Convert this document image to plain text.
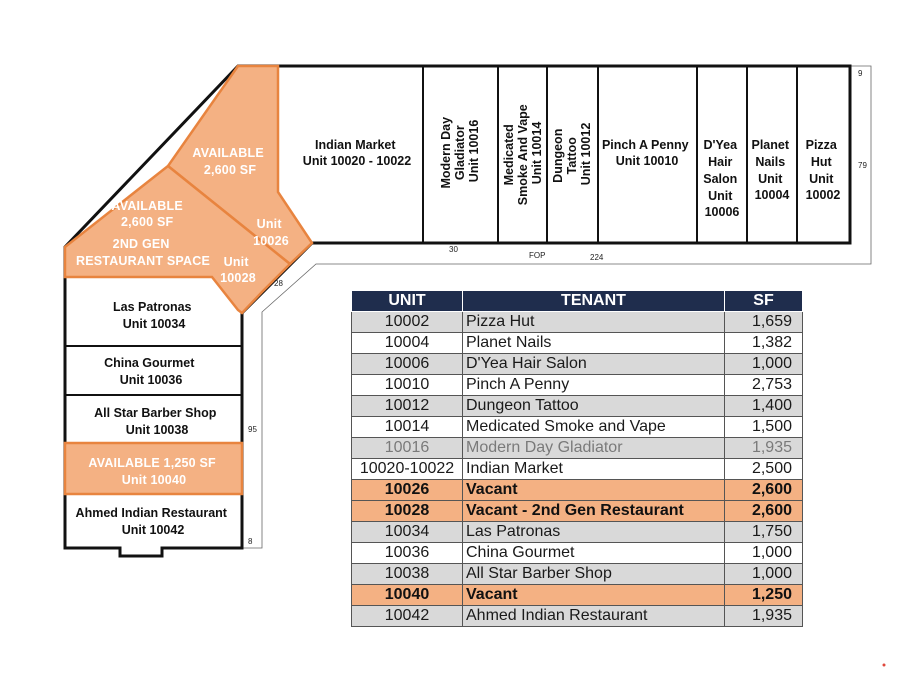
Indian Market Unit 10020 - 10022 Modern Day Gladiator Unit 10016 Medicated Smoke And Vape Unit 10014 Dungeon Tattoo Unit 10012 Pinch A Penny Unit 10010
D'Yea Hair Salon Unit 10006
Planet Nails Unit 10004
Pizza Hut Unit 10002
AVAILABLE 2,600 SF
Unit 10026
AVAILABLE 2,600 SF 2ND GEN RESTAURANT SPACE Unit 10028
Las Patronas Unit 10034
China Gourmet Unit 10036
All Star Barber Shop Unit 10038
AVAILABLE 1,250 SF Unit 10040
Ahmed Indian Restaurant Unit 10042
9
79
30
FOP	224
28
95
8
UNIT	TENANT	SF
10002	Pizza Hut	1,659
10004	Planet Nails	1,382
10006	D'Yea Hair Salon	1,000
10010	Pinch A Penny	2,753
10012	Dungeon Tattoo	1,400
10014	Medicated Smoke and Vape	1,500
10016	Modern Day Gladiator	1,935
10020-10022	Indian Market	2,500
10026	Vacant	2,600
10028	Vacant - 2nd Gen Restaurant	2,600
10034	Las Patronas	1,750
10036	China Gourmet	1,000
10038	All Star Barber Shop	1,000
10040	Vacant	1,250
10042	Ahmed Indian Restaurant	1,935
